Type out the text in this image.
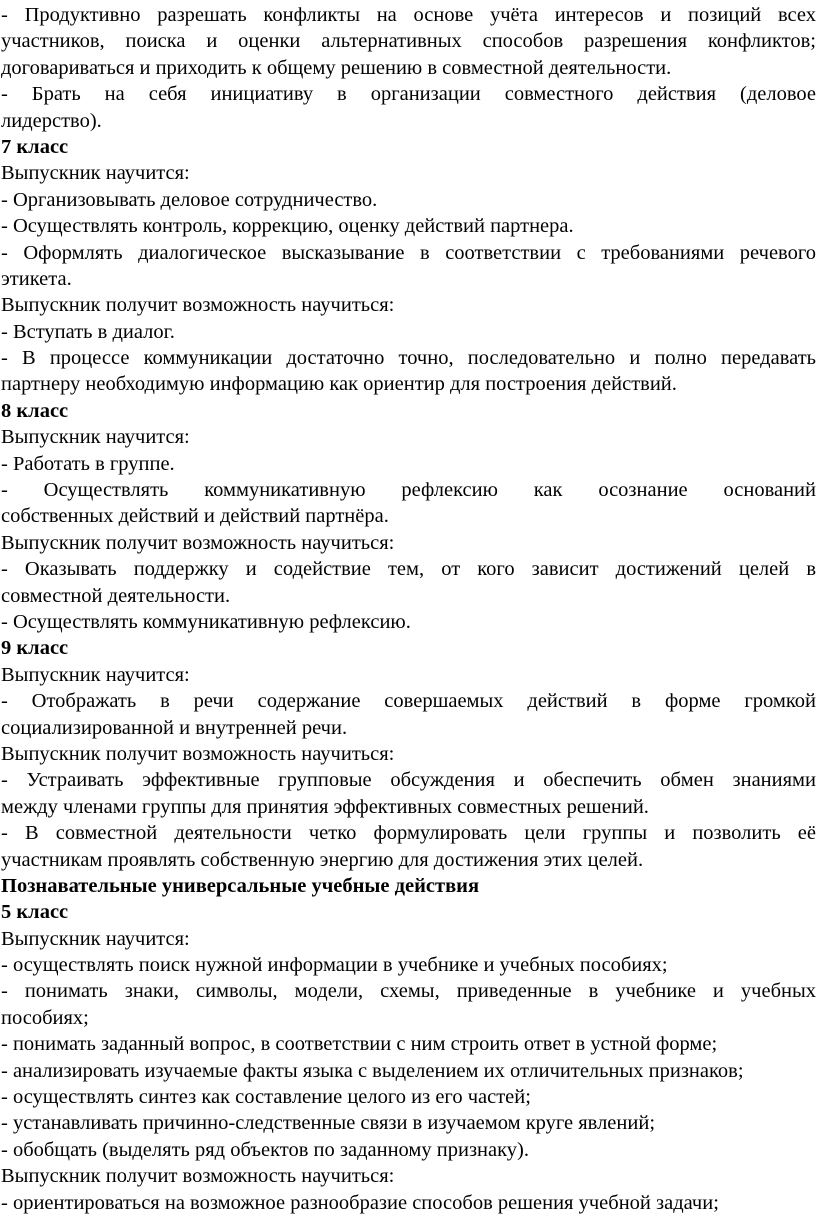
- Продуктивно разрешать конфликты на основе учёта интересов и позиций всех
участников, поиска и оценки альтернативных способов разрешения конфликтов;
договариваться и приходить к общему решению в совместной деятельности.
- Брать на себя инициативу в организации совместного действия (деловое
лидерство).
7 класс
Выпускник научится:
- Организовывать деловое сотрудничество.
- Осуществлять контроль, коррекцию, оценку действий партнера.
- Оформлять диалогическое высказывание в соответствии с требованиями речевого
этикета.
Выпускник получит возможность научиться:
- Вступать в диалог.
- В процессе коммуникации достаточно точно, последовательно и полно передавать
партнеру необходимую информацию как ориентир для построения действий.
8 класс
Выпускник научится:
- Работать в группе.
- Осуществлять коммуникативную рефлексию как осознание оснований
собственных действий и действий партнёра.
Выпускник получит возможность научиться:
- Оказывать поддержку и содействие тем, от кого зависит достижений целей в
совместной деятельности.
- Осуществлять коммуникативную рефлексию.
9 класс
Выпускник научится:
- Отображать в речи содержание совершаемых действий в форме громкой
социализированной и внутренней речи.
Выпускник получит возможность научиться:
- Устраивать эффективные групповые обсуждения и обеспечить обмен знаниями
между членами группы для принятия эффективных совместных решений.
- В совместной деятельности четко формулировать цели группы и позволить её
участникам проявлять собственную энергию для достижения этих целей.
Познавательные универсальные учебные действия
5 класс
Выпускник научится:
- осуществлять поиск нужной информации в учебнике и учебных пособиях;
- понимать знаки, символы, модели, схемы, приведенные в учебнике и учебных
пособиях;
- понимать заданный вопрос, в соответствии с ним строить ответ в устной форме;
- анализировать изучаемые факты языка с выделением их отличительных признаков;
- осуществлять синтез как составление целого из его частей;
- устанавливать причинно-следственные связи в изучаемом круге явлений;
- обобщать (выделять ряд объектов по заданному признаку).
Выпускник получит возможность научиться:
- ориентироваться на возможное разнообразие способов решения учебной задачи;
